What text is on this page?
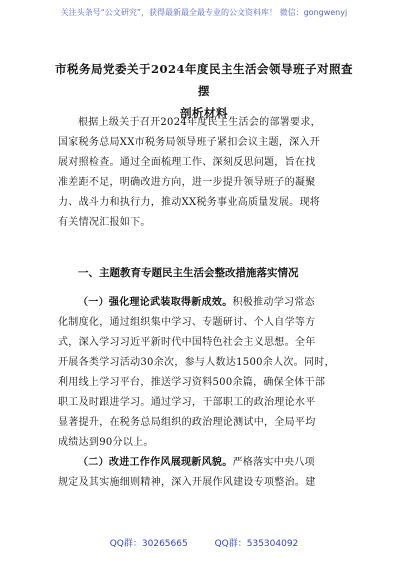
关注头条号“公文研究”，获得最新最全最专业的公文资料库！ 微信：gongwenyj
市税务局党委关于2024年度民主生活会领导班子对照查摆
剖析材料
根据上级关于召开2024年度民主生活会的部署要求，
国家税务总局XX市税务局领导班子紧扣会议主题，深入开
展对照检查。通过全面梳理工作、深刻反思问题，旨在找
准差距不足，明确改进方向，进一步提升领导班子的凝聚
力、战斗力和执行力，推动XX税务事业高质量发展。现将
有关情况汇报如下。
一、主题教育专题民主生活会整改措施落实情况
（一）强化理论武装取得新成效。积极推动学习常态
化制度化，通过组织集中学习、专题研讨、个人自学等方
式，深入学习习近平新时代中国特色社会主义思想。全年
开展各类学习活动30余次，参与人数达1500余人次。同时，
利用线上学习平台，推送学习资料500余篇，确保全体干部
职工及时跟进学习。通过学习，干部职工的政治理论水平
显著提升，在税务总局组织的政治理论测试中，全局平均
成绩达到90分以上。
（二）改进工作作风展现新风貌。严格落实中央八项
规定及其实施细则精神，深入开展作风建设专项整治。建
QQ群：30265665	QQ群：535304092
